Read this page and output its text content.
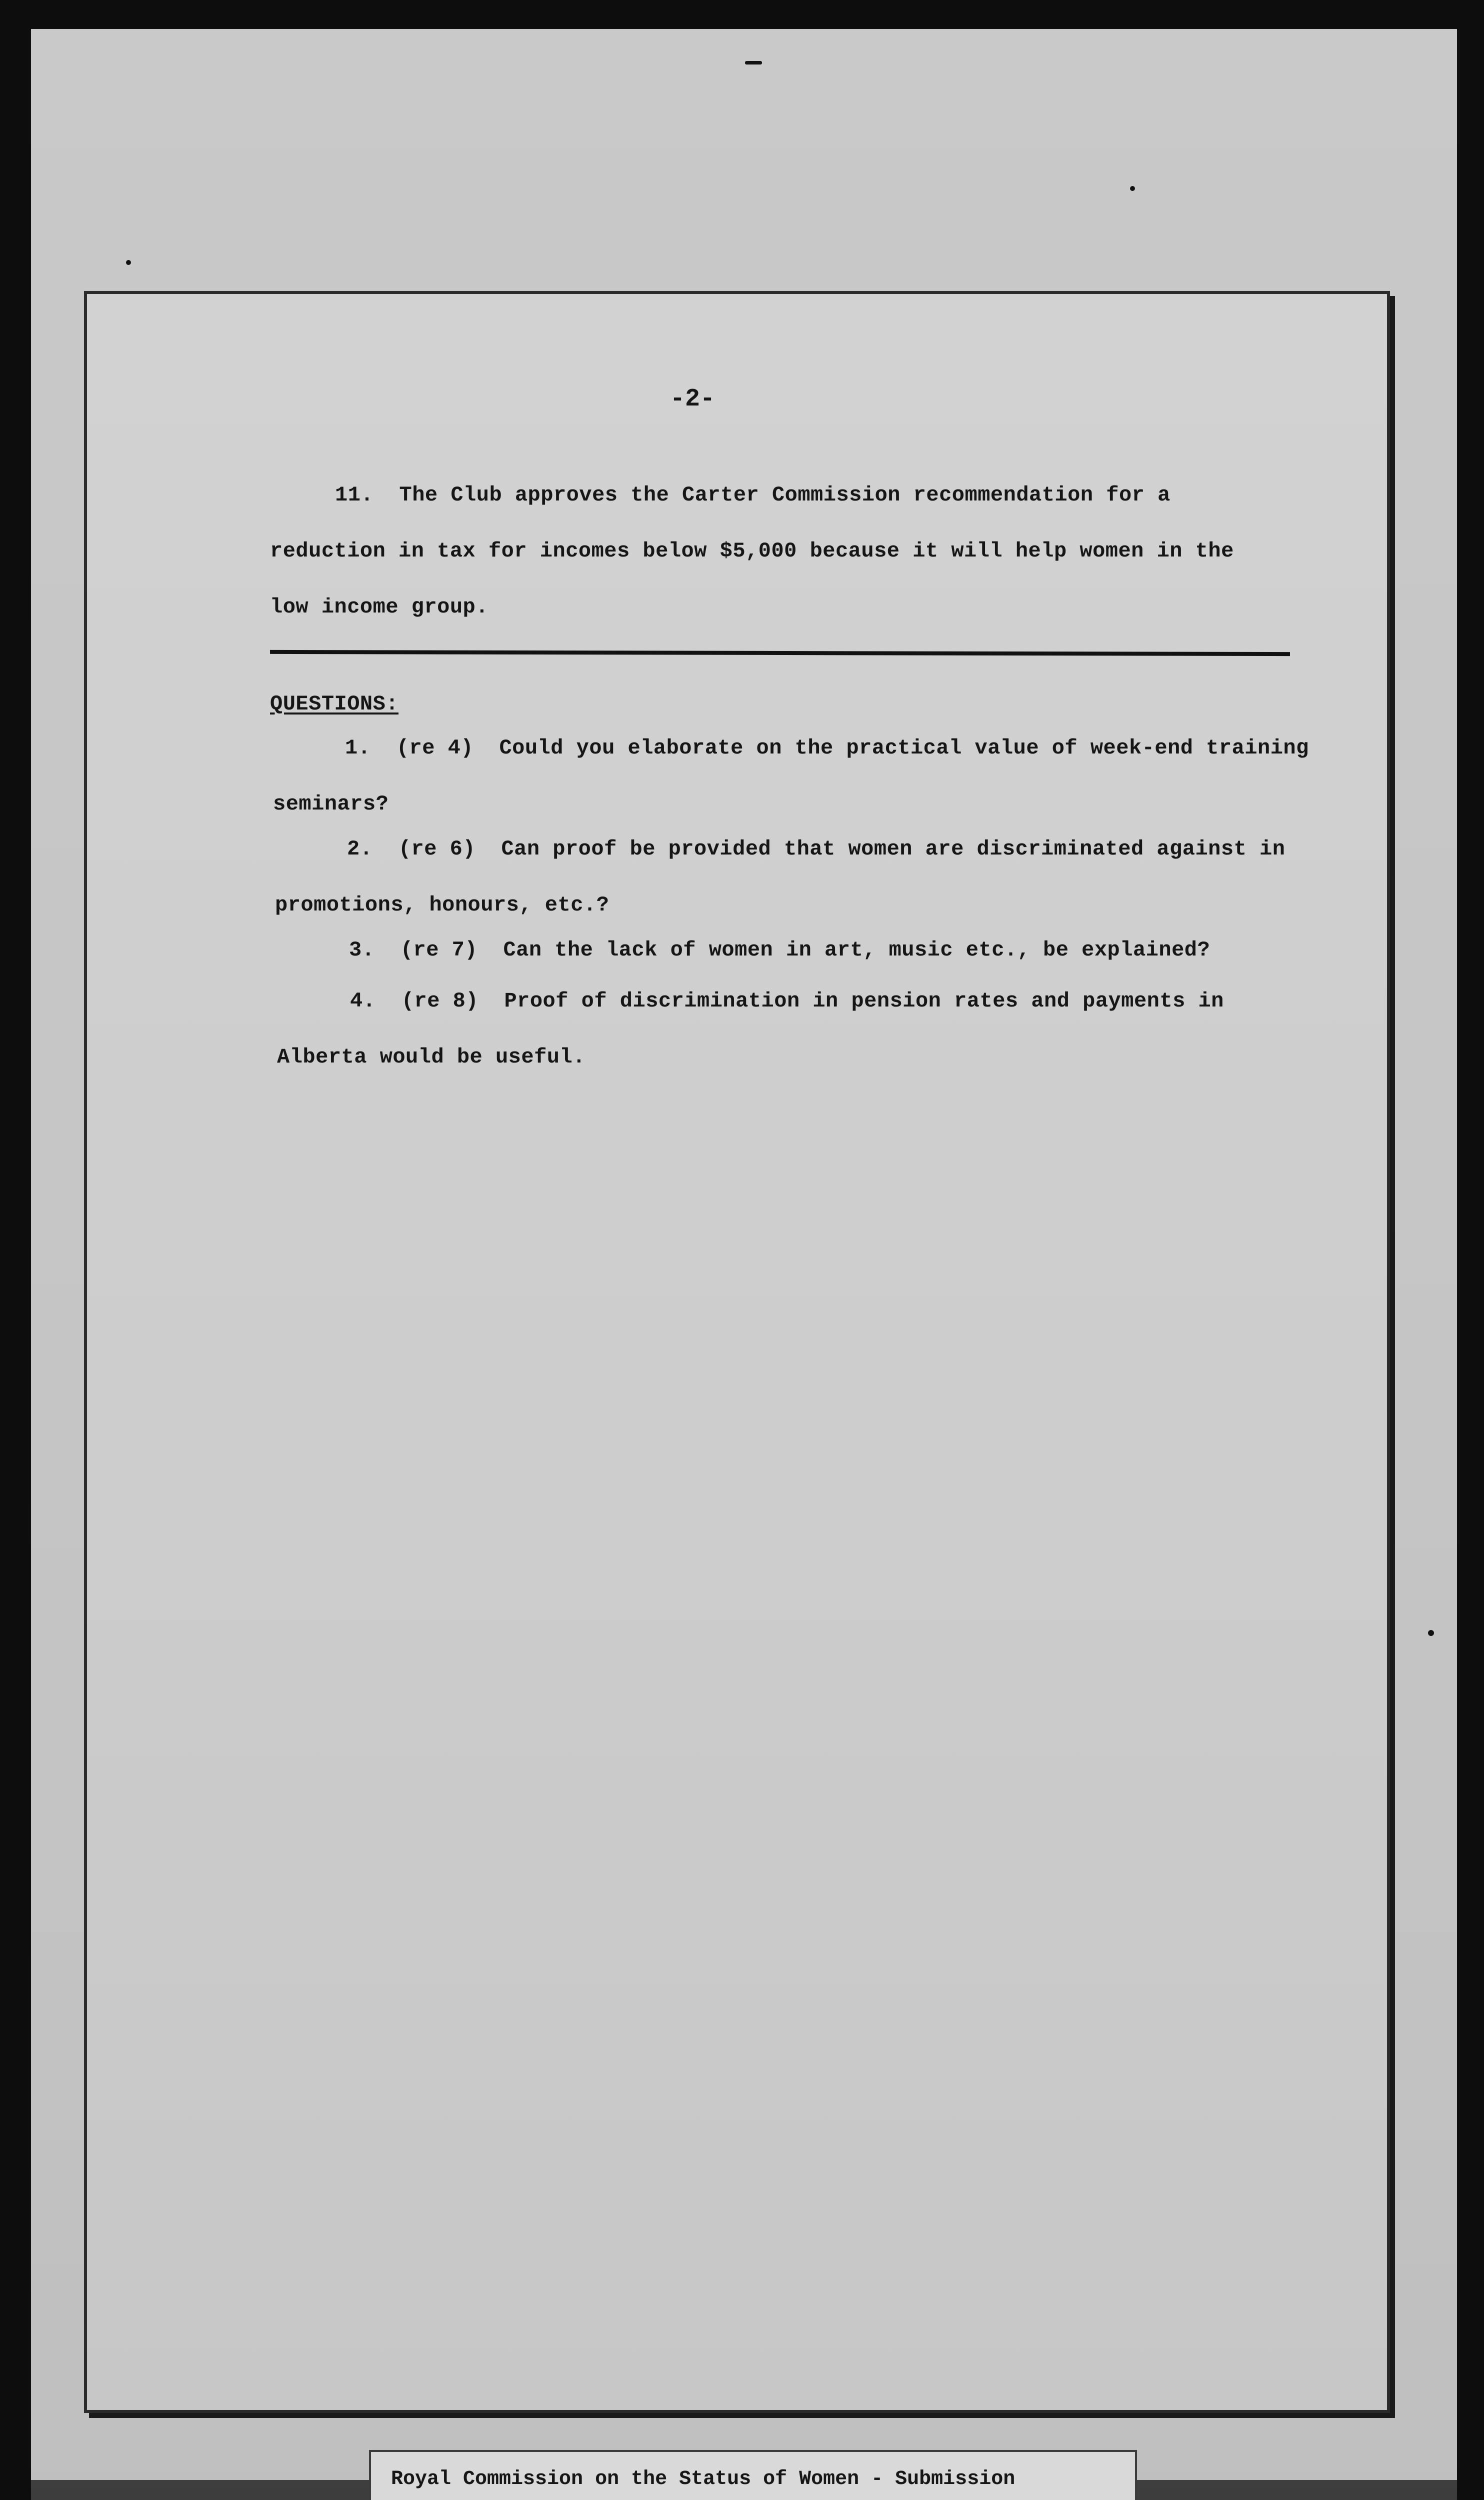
-2-
11.  The Club approves the Carter Commission recommendation for a
reduction in tax for incomes below $5,000 because it will help women in the
low income group.
QUESTIONS:
1.  (re 4)  Could you elaborate on the practical value of week-end training
seminars?
2.  (re 6)  Can proof be provided that women are discriminated against in
promotions, honours, etc.?
3.  (re 7)  Can the lack of women in art, music etc., be explained?
4.  (re 8)  Proof of discrimination in pension rates and payments in
Alberta would be useful.
Royal Commission on the Status of Women - Submission
